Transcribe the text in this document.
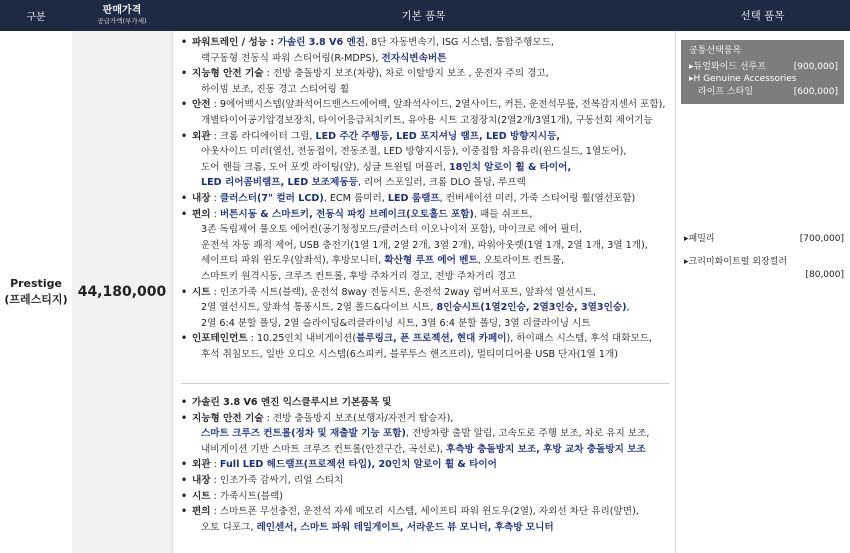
구분
판매가격
공급가액(부가세)	기본 품목	선택 품목
Prestige
(프레스티지) 44,180,000
• 파워트레인 / 성능 : 가솔린 3.8 V6 엔진, 8단 자동변속기, ISG 시스템, 통합주행모드,
랙구동형 전동식 파워 스티어링(R-MDPS), 전자식변속버튼
• 지능형 안전 기술 : 전방 충돌방지 보조(차량), 차로 이탈방지 보조 , 운전자 주의 경고,
하이빔 보조, 진동 경고 스티어링 휠
• 안전 : 9에어백시스템(앞좌석어드밴스드에어백, 앞좌석사이드, 2열사이드, 커튼, 운전석무릎, 전복감지센서 포함),
개별타이어공기압경보장치, 타이어응급처치키트, 유아용 시트 고정장치(2열2개/3열1개), 구동선회 제어기능
• 외관 : 크롬 라디에이터 그릴, LED 주간 주행등, LED 포지셔닝 램프, LED 방향지시등,
아웃사이드 미러(열선, 전동접이, 전동조절, LED 방향지시등), 이중접합 차음유리(윈드실드, 1열도어),
도어 핸들 크롬, 도어 포켓 라이팅(앞), 싱글 트윈팁 머플러, 18인치 알로이 휠 & 타이어,
LED 리어콤비램프, LED 보조제동등, 리어 스포일러, 크롬 DLO 몰딩, 루프랙
• 내장 : 클러스터(7" 컬러 LCD), ECM 룸미러, LED 룸램프, 컨버세이션 미러, 가죽 스티어링 휠(열선포함)
• 편의 : 버튼시동 & 스마트키, 전동식 파킹 브레이크(오토홀드 포함), 패들 쉬프트,
3존 독립제어 풀오토 에어컨(공기청정모드/클러스터 이오나이저 포함), 마이크로 에어 필터,
운전석 자동 쾌적 제어, USB 충전기(1열 1개, 2열 2개, 3열 2개), 파워아웃렛(1열 1개, 2열 1개, 3열 1개),
세이프티 파워 윈도우(앞좌석), 후방모니터, 확산형 루프 에어 벤트, 오토라이트 컨트롤,
스마트키 원격시동, 크루즈 컨트롤, 후방 주차거리 경고, 전방 주차거리 경고
• 시트 : 인조가죽 시트(블랙), 운전석 8way 전동시트, 운전석 2way 럼버서포트, 앞좌석 열선시트,
2열 열선시트, 앞좌석 통풍시트, 2열 폴드&다이브 시트, 8인승시트(1열2인승, 2열3인승, 3열3인승),
2열 6:4 분할 폴딩, 2열 슬라이딩&리클라이닝 시트, 3열 6:4 분할 폴딩, 3열 리클라이닝 시트
• 인포테인먼트 : 10.25인치 내비게이션(블루링크, 폰 프로젝션, 현대 카페이), 하이패스 시스템, 후석 대화모드,
후석 취침모드, 일반 오디오 시스템(6스피커, 블루투스 핸즈프리), 멀티미디어용 USB 단자(1열 1개)
• 가솔린 3.8 V6 엔진 익스클루시브 기본품목 및
• 지능형 안전 기술 : 전방 충돌방지 보조(보행자/자전거 탑승자),
스마트 크루즈 컨트롤(정차 및 재출발 기능 포함), 전방차량 출발 알림, 고속도로 주행 보조, 차로 유지 보조,
내비게이션 기반 스마트 크루즈 컨트롤(안전구간, 곡선로), 후측방 충돌방지 보조, 후방 교차 충돌방지 보조
• 외관 : Full LED 헤드램프(프로젝션 타입), 20인치 알로이 휠 & 타이어
• 내장 : 인조가죽 감싸기, 리얼 스티치
• 시트 : 가죽시트(블랙)
• 편의 : 스마트폰 무선충전, 운전석 자세 메모리 시스템, 세이프티 파워 윈도우(2열), 자외선 차단 유리(앞면),
오토 디포그, 레인센서, 스마트 파워 테일게이트, 서라운드 뷰 모니터, 후측방 모니터
공통선택품목
▸ 듀얼와이드 선루프	[900,000]
▸ H Genuine Accessories
라이프 스타일	[600,000]
▸ 패밀리	[700,000]
▸ 크리미화이트펄 외장컬러
[80,000]
